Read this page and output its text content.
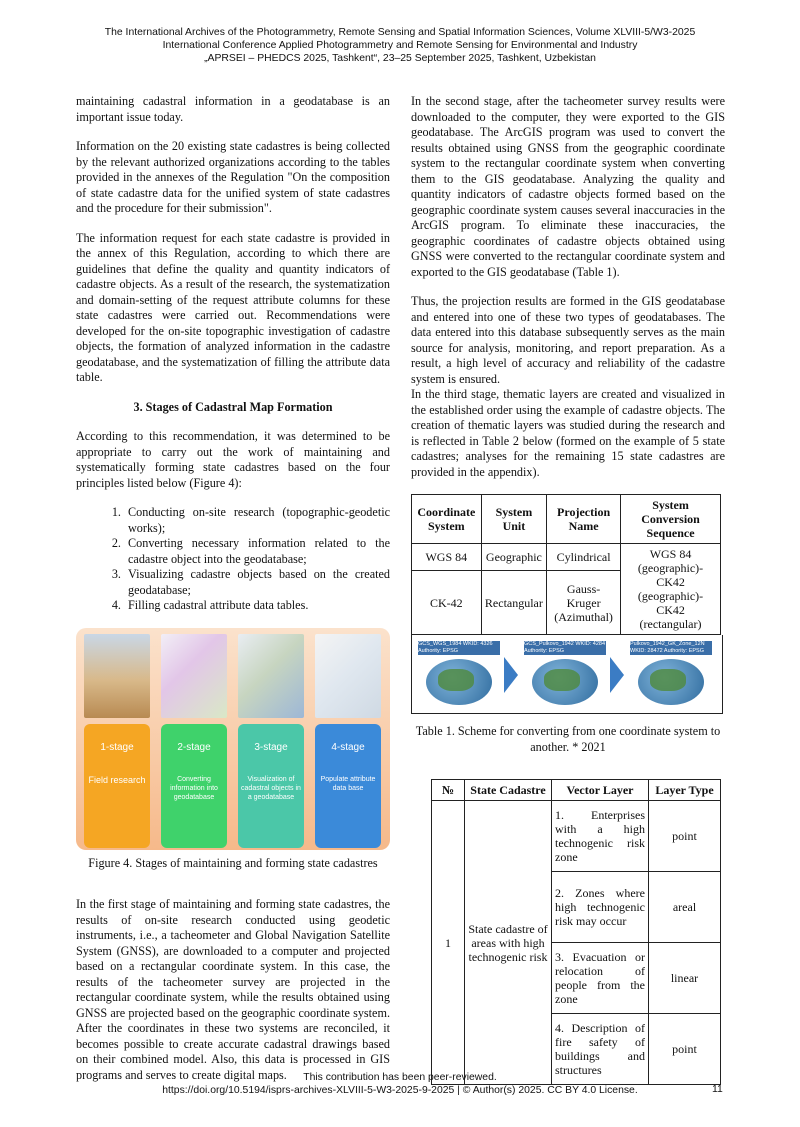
The International Archives of the Photogrammetry, Remote Sensing and Spatial Information Sciences, Volume XLVIII-5/W3-2025
International Conference Applied Photogrammetry and Remote Sensing for Environmental and Industry
„APRSEI – PHEDCS 2025, Tashkent“, 23–25 September 2025, Tashkent, Uzbekistan

maintaining cadastral information in a geodatabase is an important issue today.

Information on the 20 existing state cadastres is being collected by the relevant authorized organizations according to the tables provided in the annexes of the Regulation "On the composition of state cadastre data for the unified system of state cadastres and the procedure for their submission".

The information request for each state cadastre is provided in the annex of this Regulation, according to which there are guidelines that define the quality and quantity indicators of cadastre objects. As a result of the research, the systematization and domain-setting of the request attribute columns for these state cadastres were carried out. Recommendations were developed for the on-site topographic investigation of cadastre objects, the formation of analyzed information in the cadastre geodatabase, and the systematization of filling the attribute data table.

3. Stages of Cadastral Map Formation

According to this recommendation, it was determined to be appropriate to carry out the work of maintaining and systematically forming state cadastres based on the four principles listed below (Figure 4):

1. Conducting on-site research (topographic-geodetic works);
2. Converting necessary information related to the cadastre object into the geodatabase;
3. Visualizing cadastre objects based on the created geodatabase;
4. Filling cadastral attribute data tables.
1-stage
Field research
2-stage
Converting information into geodatabase
3-stage
Visualization of cadastral objects in a geodatabase
4-stage
Populate attribute data base
Figure 4. Stages of maintaining and forming state cadastres

In the first stage of maintaining and forming state cadastres, the results of on-site research conducted using geodetic instruments, i.e., a tacheometer and Global Navigation Satellite System (GNSS), are downloaded to a computer and projected based on a rectangular coordinate system. In this case, the results of the tacheometer survey are projected in the rectangular coordinate system, while the results obtained using GNSS are projected based on the geographic coordinate system. After the coordinates in these two systems are reconciled, it becomes possible to create accurate cadastral drawings based on their combined model. Also, this data is processed in GIS programs and serves to create digital maps.

In the second stage, after the tacheometer survey results were downloaded to the computer, they were exported to the GIS geodatabase. The ArcGIS program was used to convert the results obtained using GNSS from the geographic coordinate system to the rectangular coordinate system when converting them to the GIS geodatabase. Analyzing the quality and quantity indicators of cadastre objects formed based on the geographic coordinate system causes several inaccuracies in the ArcGIS program. To eliminate these inaccuracies, the geographic coordinates of cadastre objects obtained using GNSS were converted to the rectangular coordinate system and exported to the GIS geodatabase (Table 1).

Thus, the projection results are formed in the GIS geodatabase and entered into one of these two types of geodatabases. The data entered into this database subsequently serves as the main source for analysis, monitoring, and report preparation. As a result, a high level of accuracy and reliability of the cadastre system is ensured.

In the third stage, thematic layers are created and visualized in the established order using the example of cadastre objects. The creation of thematic layers was studied during the research and is reflected in Table 2 below (formed on the example of 5 state cadastres; analyses for the remaining 15 state cadastres are provided in the appendix).

Coordinate System	System Unit	Projection Name	System Conversion Sequence
WGS 84	Geographic	Cylindrical	WGS 84 (geographic)-CK42 (geographic)-CK42 (rectangular)
CK-42	Rectangular	Gauss-Kruger (Azimuthal)	
GCS_WGS_1984 WKID: 4326 Authority: EPSG
GCS_Pulkovo_1942 WKID: 4284 Authority: EPSG
Pulkovo_1942_GK_Zone_12N WKID: 28472 Authority: EPSG
Table 1. Scheme for converting from one coordinate system to another. * 2021
№	State Cadastre	Vector Layer	Layer Type
1	State cadastre of areas with high technogenic risk	1. Enterprises with a high technogenic risk zone	point
		2. Zones where high technogenic risk may occur	areal
		3. Evacuation or relocation of people from the zone	linear
		4. Description of fire safety of buildings and structures	point
This contribution has been peer-reviewed.
https://doi.org/10.5194/isprs-archives-XLVIII-5-W3-2025-9-2025 | © Author(s) 2025. CC BY 4.0 License.	11
